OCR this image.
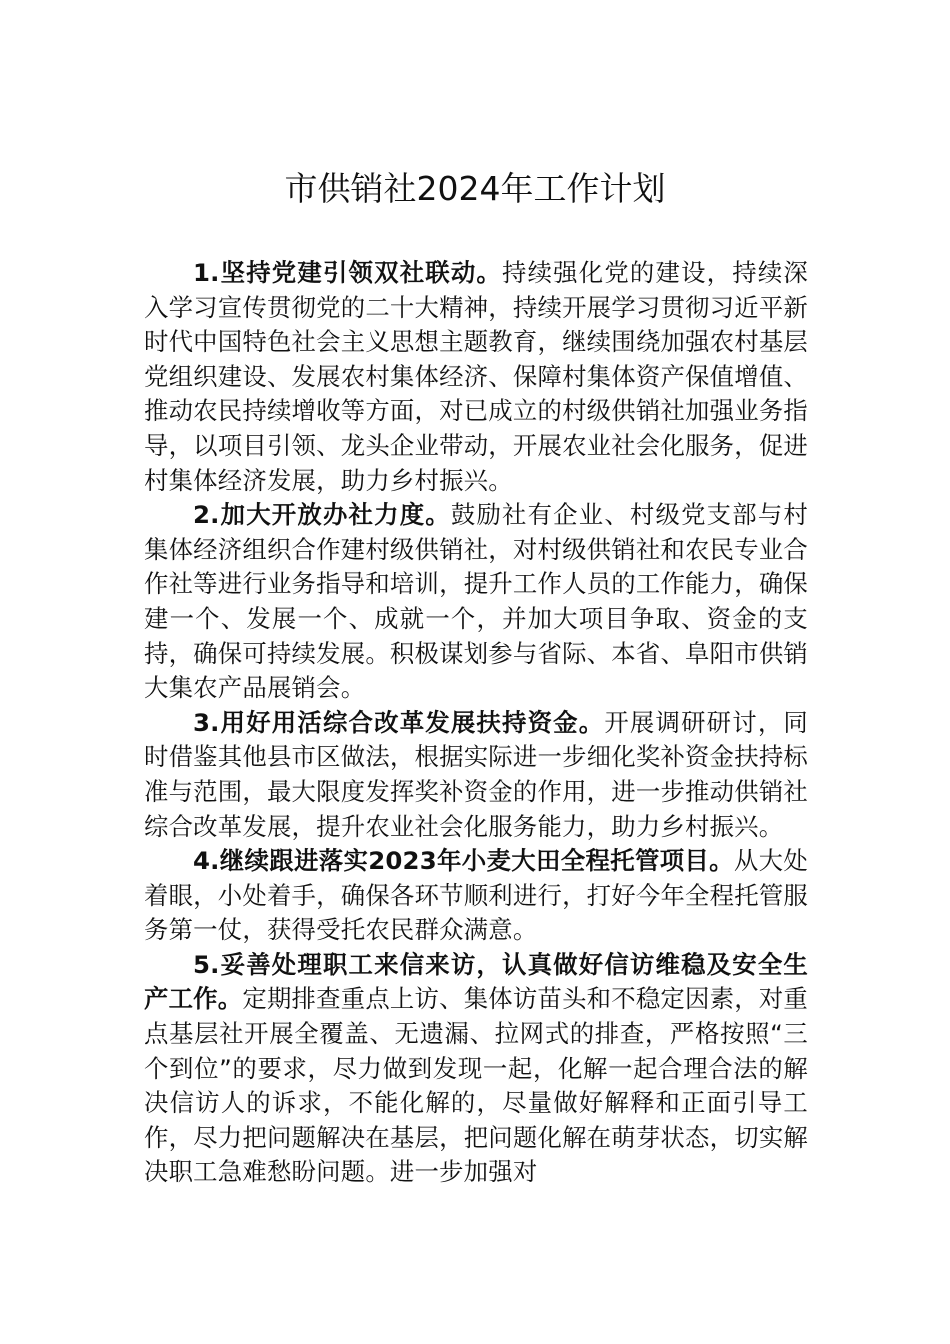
市供销社2024年工作计划

1.坚持党建引领双社联动。持续强化党的建设，持续深入学习宣传贯彻党的二十大精神，持续开展学习贯彻习近平新时代中国特色社会主义思想主题教育，继续围绕加强农村基层党组织建设、发展农村集体经济、保障村集体资产保值增值、推动农民持续增收等方面，对已成立的村级供销社加强业务指导，以项目引领、龙头企业带动，开展农业社会化服务，促进村集体经济发展，助力乡村振兴。

2.加大开放办社力度。鼓励社有企业、村级党支部与村集体经济组织合作建村级供销社，对村级供销社和农民专业合作社等进行业务指导和培训，提升工作人员的工作能力，确保建一个、发展一个、成就一个，并加大项目争取、资金的支持，确保可持续发展。积极谋划参与省际、本省、阜阳市供销大集农产品展销会。

3.用好用活综合改革发展扶持资金。开展调研研讨，同时借鉴其他县市区做法，根据实际进一步细化奖补资金扶持标准与范围，最大限度发挥奖补资金的作用，进一步推动供销社综合改革发展，提升农业社会化服务能力，助力乡村振兴。

4.继续跟进落实2023年小麦大田全程托管项目。从大处着眼，小处着手，确保各环节顺利进行，打好今年全程托管服务第一仗，获得受托农民群众满意。

5.妥善处理职工来信来访，认真做好信访维稳及安全生产工作。定期排查重点上访、集体访苗头和不稳定因素，对重点基层社开展全覆盖、无遗漏、拉网式的排查，严格按照“三个到位”的要求，尽力做到发现一起，化解一起合理合法的解决信访人的诉求，不能化解的，尽量做好解释和正面引导工作，尽力把问题解决在基层，把问题化解在萌芽状态，切实解决职工急难愁盼问题。进一步加强对
